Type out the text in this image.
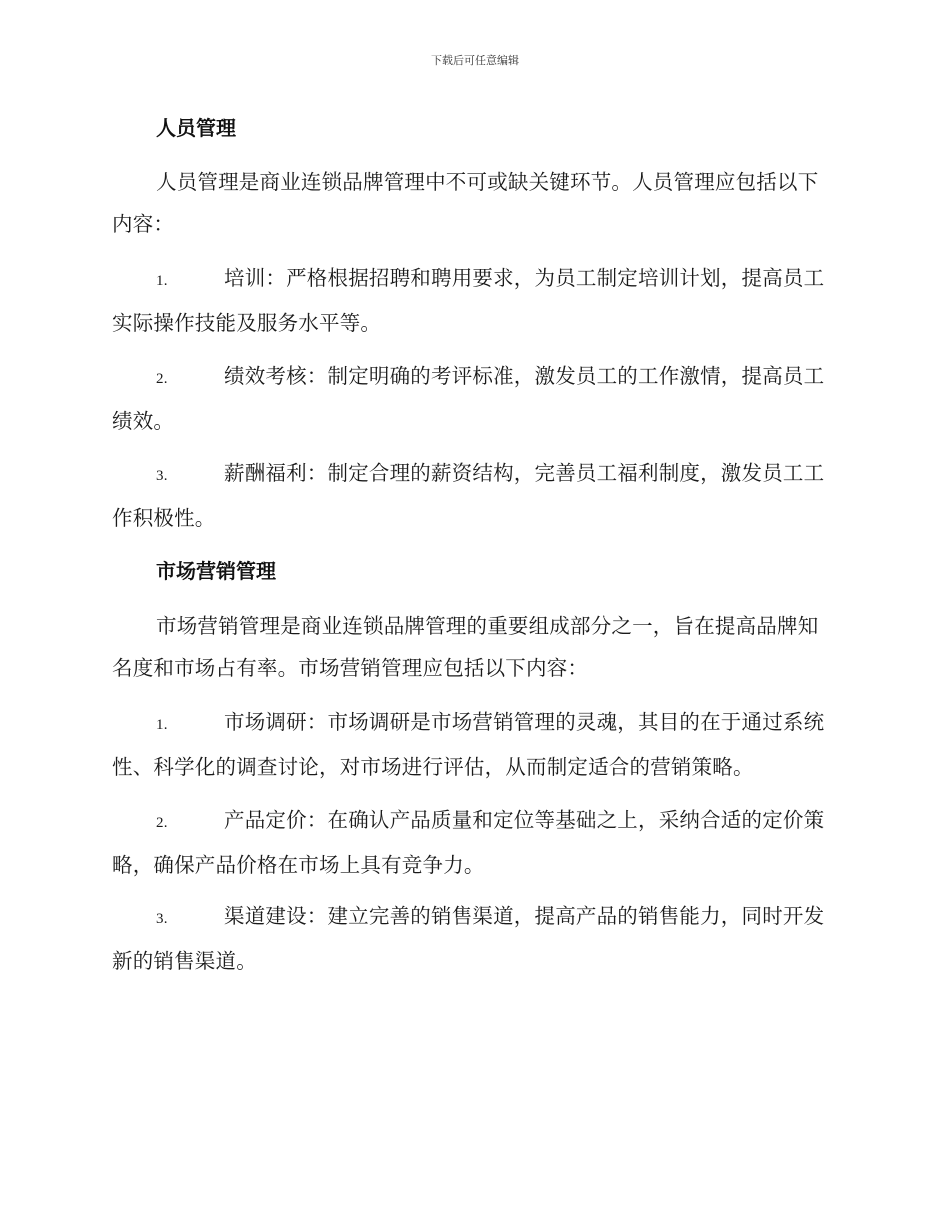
下载后可任意编辑
人员管理

人员管理是商业连锁品牌管理中不可或缺关键环节。人员管理应包括以下内容：

1.	培训：严格根据招聘和聘用要求，为员工制定培训计划，提高员工实际操作技能及服务水平等。

2.	绩效考核：制定明确的考评标准，激发员工的工作激情，提高员工绩效。

3.	薪酬福利：制定合理的薪资结构，完善员工福利制度，激发员工工作积极性。

市场营销管理

市场营销管理是商业连锁品牌管理的重要组成部分之一，旨在提高品牌知名度和市场占有率。市场营销管理应包括以下内容：

1.	市场调研：市场调研是市场营销管理的灵魂，其目的在于通过系统性、科学化的调查讨论，对市场进行评估，从而制定适合的营销策略。

2.	产品定价：在确认产品质量和定位等基础之上，采纳合适的定价策略，确保产品价格在市场上具有竞争力。

3.	渠道建设：建立完善的销售渠道，提高产品的销售能力，同时开发新的销售渠道。
